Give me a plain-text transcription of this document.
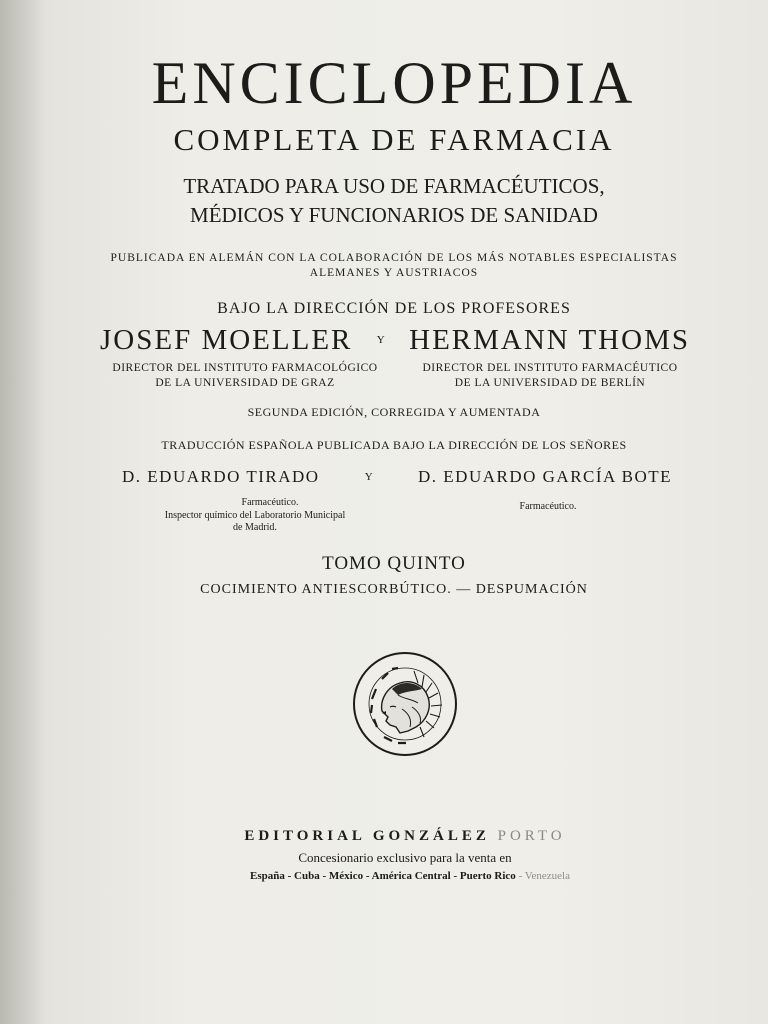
ENCICLOPEDIA
COMPLETA DE FARMACIA
TRATADO PARA USO DE FARMACÉUTICOS,
MÉDICOS Y FUNCIONARIOS DE SANIDAD
PUBLICADA EN ALEMÁN CON LA COLABORACIÓN DE LOS MÁS NOTABLES ESPECIALISTAS
ALEMANES Y AUSTRIACOS
BAJO LA DIRECCIÓN DE LOS PROFESORES
JOSEF MOELLER Y HERMANN THOMS
DIRECTOR DEL INSTITUTO FARMACOLÓGICO
DE LA UNIVERSIDAD DE GRAZ
DIRECTOR DEL INSTITUTO FARMACÉUTICO
DE LA UNIVERSIDAD DE BERLÍN
SEGUNDA EDICIÓN, CORREGIDA Y AUMENTADA
TRADUCCIÓN ESPAÑOLA PUBLICADA BAJO LA DIRECCIÓN DE LOS SEÑORES
D. EDUARDO TIRADO	Y	D. EDUARDO GARCÍA BOTE
Farmacéutico.
Inspector químico del Laboratorio Municipal
de Madrid.
Farmacéutico.
TOMO QUINTO
COCIMIENTO ANTIESCORBÚTICO. — DESPUMACIÓN
EDITORIAL GONZÁLEZ PORTO
Concesionario exclusivo para la venta en
España - Cuba - México - América Central - Puerto Rico - Venezuela
